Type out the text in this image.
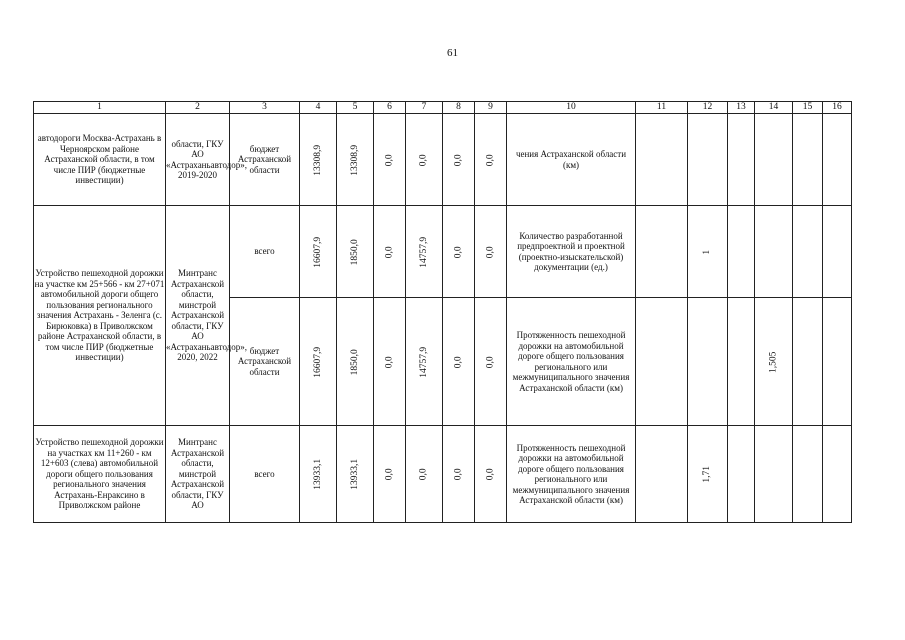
61
1	2	3	4	5	6	7	8	9	10	11	12	13	14	15	16
автодороги Москва-Астрахань в Черноярском районе Астраханской области, в том числе ПИР (бюджетные инвестиции)	области, ГКУ АО «Астраханьавтодор», 2019-2020	бюджет Астраханской области	13308,9	13308,9	0,0	0,0	0,0	0,0	чения Астраханской области (км)						
Устройство пешеходной дорожки на участке км 25+566 - км 27+071 автомобильной дороги общего пользования регионального значения Астрахань - Зеленга (с. Бирюковка) в Приволжском районе Астраханской области, в том числе ПИР (бюджетные инвестиции)	Минтранс Астраханской области, минстрой Астраханской области, ГКУ АО «Астраханьавтодор», 2020, 2022	всего	16607,9	1850,0	0,0	14757,9	0,0	0,0	Количество разработанной предпроектной и проектной (проектно-изыскательской) документации (ед.)		1				
		бюджет Астраханской области	16607,9	1850,0	0,0	14757,9	0,0	0,0	Протяженность пешеходной дорожки на автомобильной дороге общего пользования регионального или межмуниципального значения Астраханской области (км)				1,505		
Устройство пешеходной дорожки на участках км 11+260 - км 12+603 (слева) автомобильной дороги общего пользования регионального значения Астрахань-Енраксино в Приволжском районе	Минтранс Астраханской области, минстрой Астраханской области, ГКУ АО	всего	13933,1	13933,1	0,0	0,0	0,0	0,0	Протяженность пешеходной дорожки на автомобильной дороге общего пользования регионального или межмуниципального значения Астраханской области (км)		1,71				
